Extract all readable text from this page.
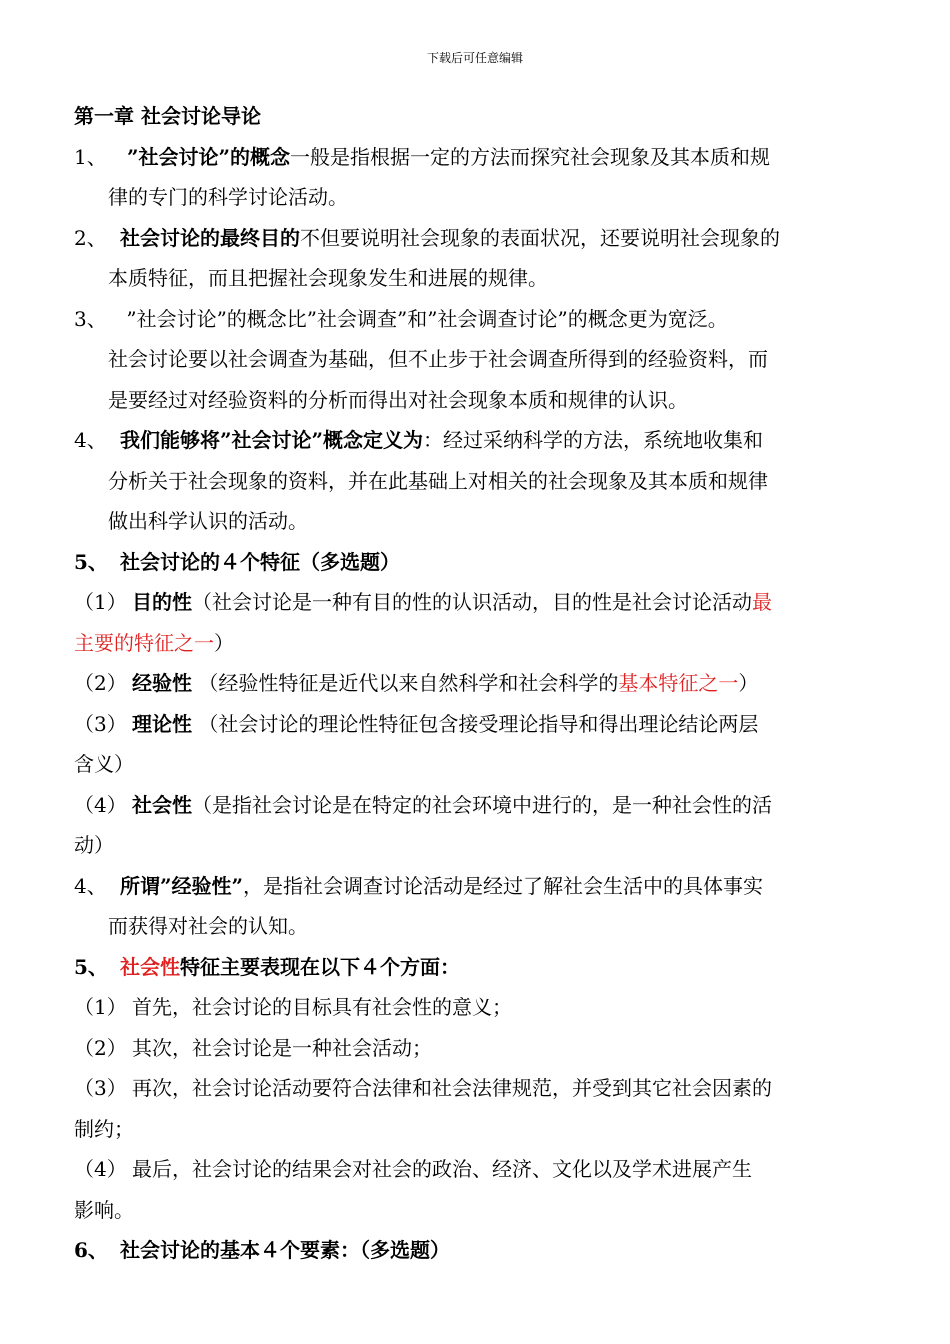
下载后可任意编辑
第一章 社会讨论导论
1、 ”社会讨论”的概念一般是指根据一定的方法而探究社会现象及其本质和规
律的专门的科学讨论活动。
2、 社会讨论的最终目的不但要说明社会现象的表面状况，还要说明社会现象的
本质特征，而且把握社会现象发生和进展的规律。
3、 ”社会讨论”的概念比”社会调查”和”社会调查讨论”的概念更为宽泛。
社会讨论要以社会调查为基础，但不止步于社会调查所得到的经验资料，而
是要经过对经验资料的分析而得出对社会现象本质和规律的认识。
4、 我们能够将”社会讨论”概念定义为：经过采纳科学的方法，系统地收集和
分析关于社会现象的资料，并在此基础上对相关的社会现象及其本质和规律
做出科学认识的活动。
5、 社会讨论的４个特征（多选题）
（1） 目的性（社会讨论是一种有目的性的认识活动，目的性是社会讨论活动最
主要的特征之一）
（2） 经验性 （经验性特征是近代以来自然科学和社会科学的基本特征之一）
（3） 理论性 （社会讨论的理论性特征包含接受理论指导和得出理论结论两层
含义）
（4） 社会性（是指社会讨论是在特定的社会环境中进行的，是一种社会性的活
动）
4、 所谓”经验性”，是指社会调查讨论活动是经过了解社会生活中的具体事实
而获得对社会的认知。
5、 社会性特征主要表现在以下４个方面：
（1） 首先，社会讨论的目标具有社会性的意义；
（2） 其次，社会讨论是一种社会活动；
（3） 再次，社会讨论活动要符合法律和社会法律规范，并受到其它社会因素的
制约；
（4） 最后，社会讨论的结果会对社会的政治、经济、文化以及学术进展产生
影响。
6、 社会讨论的基本４个要素：（多选题）
